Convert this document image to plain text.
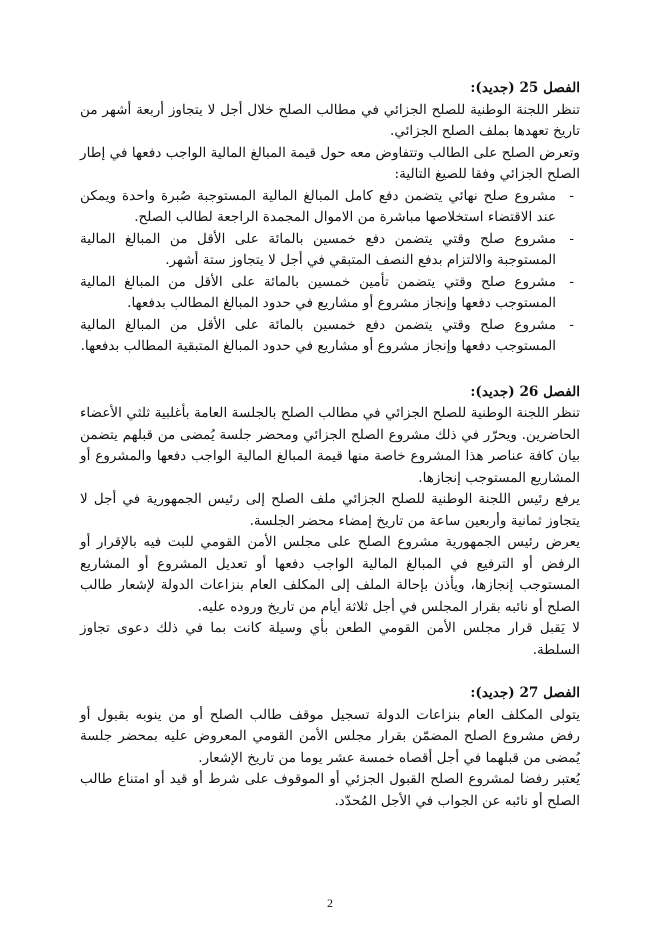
الفصل 25 (جديد):

تنظر اللجنة الوطنية للصلح الجزائي في مطالب الصلح خلال أجل لا يتجاوز أربعة أشهر من تاريخ تعهدها بملف الصلح الجزائي.

وتعرض الصلح على الطالب وتتفاوض معه حول قيمة المبالغ المالية الواجب دفعها في إطار الصلح الجزائي وفقا للصيغ التالية:

- مشروع صلح نهائي يتضمن دفع كامل المبالغ المالية المستوجبة صُبرة واحدة ويمكن عند الاقتضاء استخلاصها مباشرة من الاموال المجمدة الراجعة لطالب الصلح.
- مشروع صلح وقتي يتضمن دفع خمسين بالمائة على الأقل من المبالغ المالية المستوجبة والالتزام بدفع النصف المتبقي في أجل لا يتجاوز ستة أشهر.
- مشروع صلح وقتي يتضمن تأمين خمسين بالمائة على الأقل من المبالغ المالية المستوجب دفعها وإنجاز مشروع أو مشاريع في حدود المبالغ المطالب بدفعها.
- مشروع صلح وقتي يتضمن دفع خمسين بالمائة على الأقل من المبالغ المالية المستوجب دفعها وإنجاز مشروع أو مشاريع في حدود المبالغ المتبقية المطالب بدفعها.

الفصل 26 (جديد):

تنظر اللجنة الوطنية للصلح الجزائي في مطالب الصلح بالجلسة العامة بأغلبية ثلثي الأعضاء الحاضرين. ويحرّر في ذلك مشروع الصلح الجزائي ومحضر جلسة يُمضى من قبلهم يتضمن بيان كافة عناصر هذا المشروع خاصة منها قيمة المبالغ المالية الواجب دفعها والمشروع أو المشاريع المستوجب إنجازها.

يرفع رئيس اللجنة الوطنية للصلح الجزائي ملف الصلح إلى رئيس الجمهورية في أجل لا يتجاوز ثمانية وأربعين ساعة من تاريخ إمضاء محضر الجلسة.

يعرض رئيس الجمهورية مشروع الصلح على مجلس الأمن القومي للبت فيه بالإقرار أو الرفض أو الترفيع في المبالغ المالية الواجب دفعها أو تعديل المشروع أو المشاريع المستوجب إنجازها، ويأذن بإحالة الملف إلى المكلف العام بنزاعات الدولة لإشعار طالب الصلح أو نائبه بقرار المجلس في أجل ثلاثة أيام من تاريخ وروده عليه.

لا يَقبل قرار مجلس الأمن القومي الطعن بأي وسيلة كانت بما في ذلك دعوى تجاوز السلطة.

الفصل 27 (جديد):

يتولى المكلف العام بنزاعات الدولة تسجيل موقف طالب الصلح أو من ينوبه بقبول أو رفض مشروع الصلح المضمّن بقرار مجلس الأمن القومي المعروض عليه بمحضر جلسة يُمضى من قبلهما في أجل أقصاه خمسة عشر يوما من تاريخ الإشعار.

يُعتبر رفضا لمشروع الصلح القبول الجزئي أو الموقوف على شرط أو قيد أو امتناع طالب الصلح أو نائبه عن الجواب في الأجل المُحدّد.

2
